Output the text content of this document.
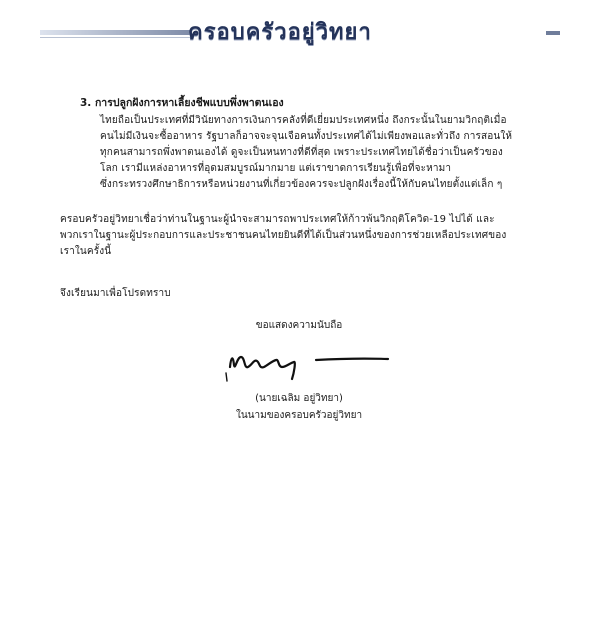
ครอบครัวอยู่วิทยา
3. การปลูกฝังการหาเลี้ยงชีพแบบพึ่งพาตนเอง
ไทยถือเป็นประเทศที่มีวินัยทางการเงินการคลังที่ดีเยี่ยมประเทศหนึ่ง ถึงกระนั้นในยามวิกฤติเมื่อ
คนไม่มีเงินจะซื้ออาหาร รัฐบาลก็อาจจะจุนเจือคนทั้งประเทศได้ไม่เพียงพอและทั่วถึง การสอนให้
ทุกคนสามารถพึ่งพาตนเองได้ ดูจะเป็นหนทางที่ดีที่สุด เพราะประเทศไทยได้ชื่อว่าเป็นครัวของ
โลก เรามีแหล่งอาหารที่อุดมสมบูรณ์มากมาย แต่เราขาดการเรียนรู้เพื่อที่จะหามา
ซึ่งกระทรวงศึกษาธิการหรือหน่วยงานที่เกี่ยวข้องควรจะปลูกฝังเรื่องนี้ให้กับคนไทยตั้งแต่เล็ก ๆ
ครอบครัวอยู่วิทยาเชื่อว่าท่านในฐานะผู้นำจะสามารถพาประเทศให้ก้าวพ้นวิกฤติโควิด-19 ไปได้ และ
พวกเราในฐานะผู้ประกอบการและประชาชนคนไทยยินดีที่ได้เป็นส่วนหนึ่งของการช่วยเหลือประเทศของ
เราในครั้งนี้
จึงเรียนมาเพื่อโปรดทราบ
ขอแสดงความนับถือ
(นายเฉลิม อยู่วิทยา)
ในนามของครอบครัวอยู่วิทยา
